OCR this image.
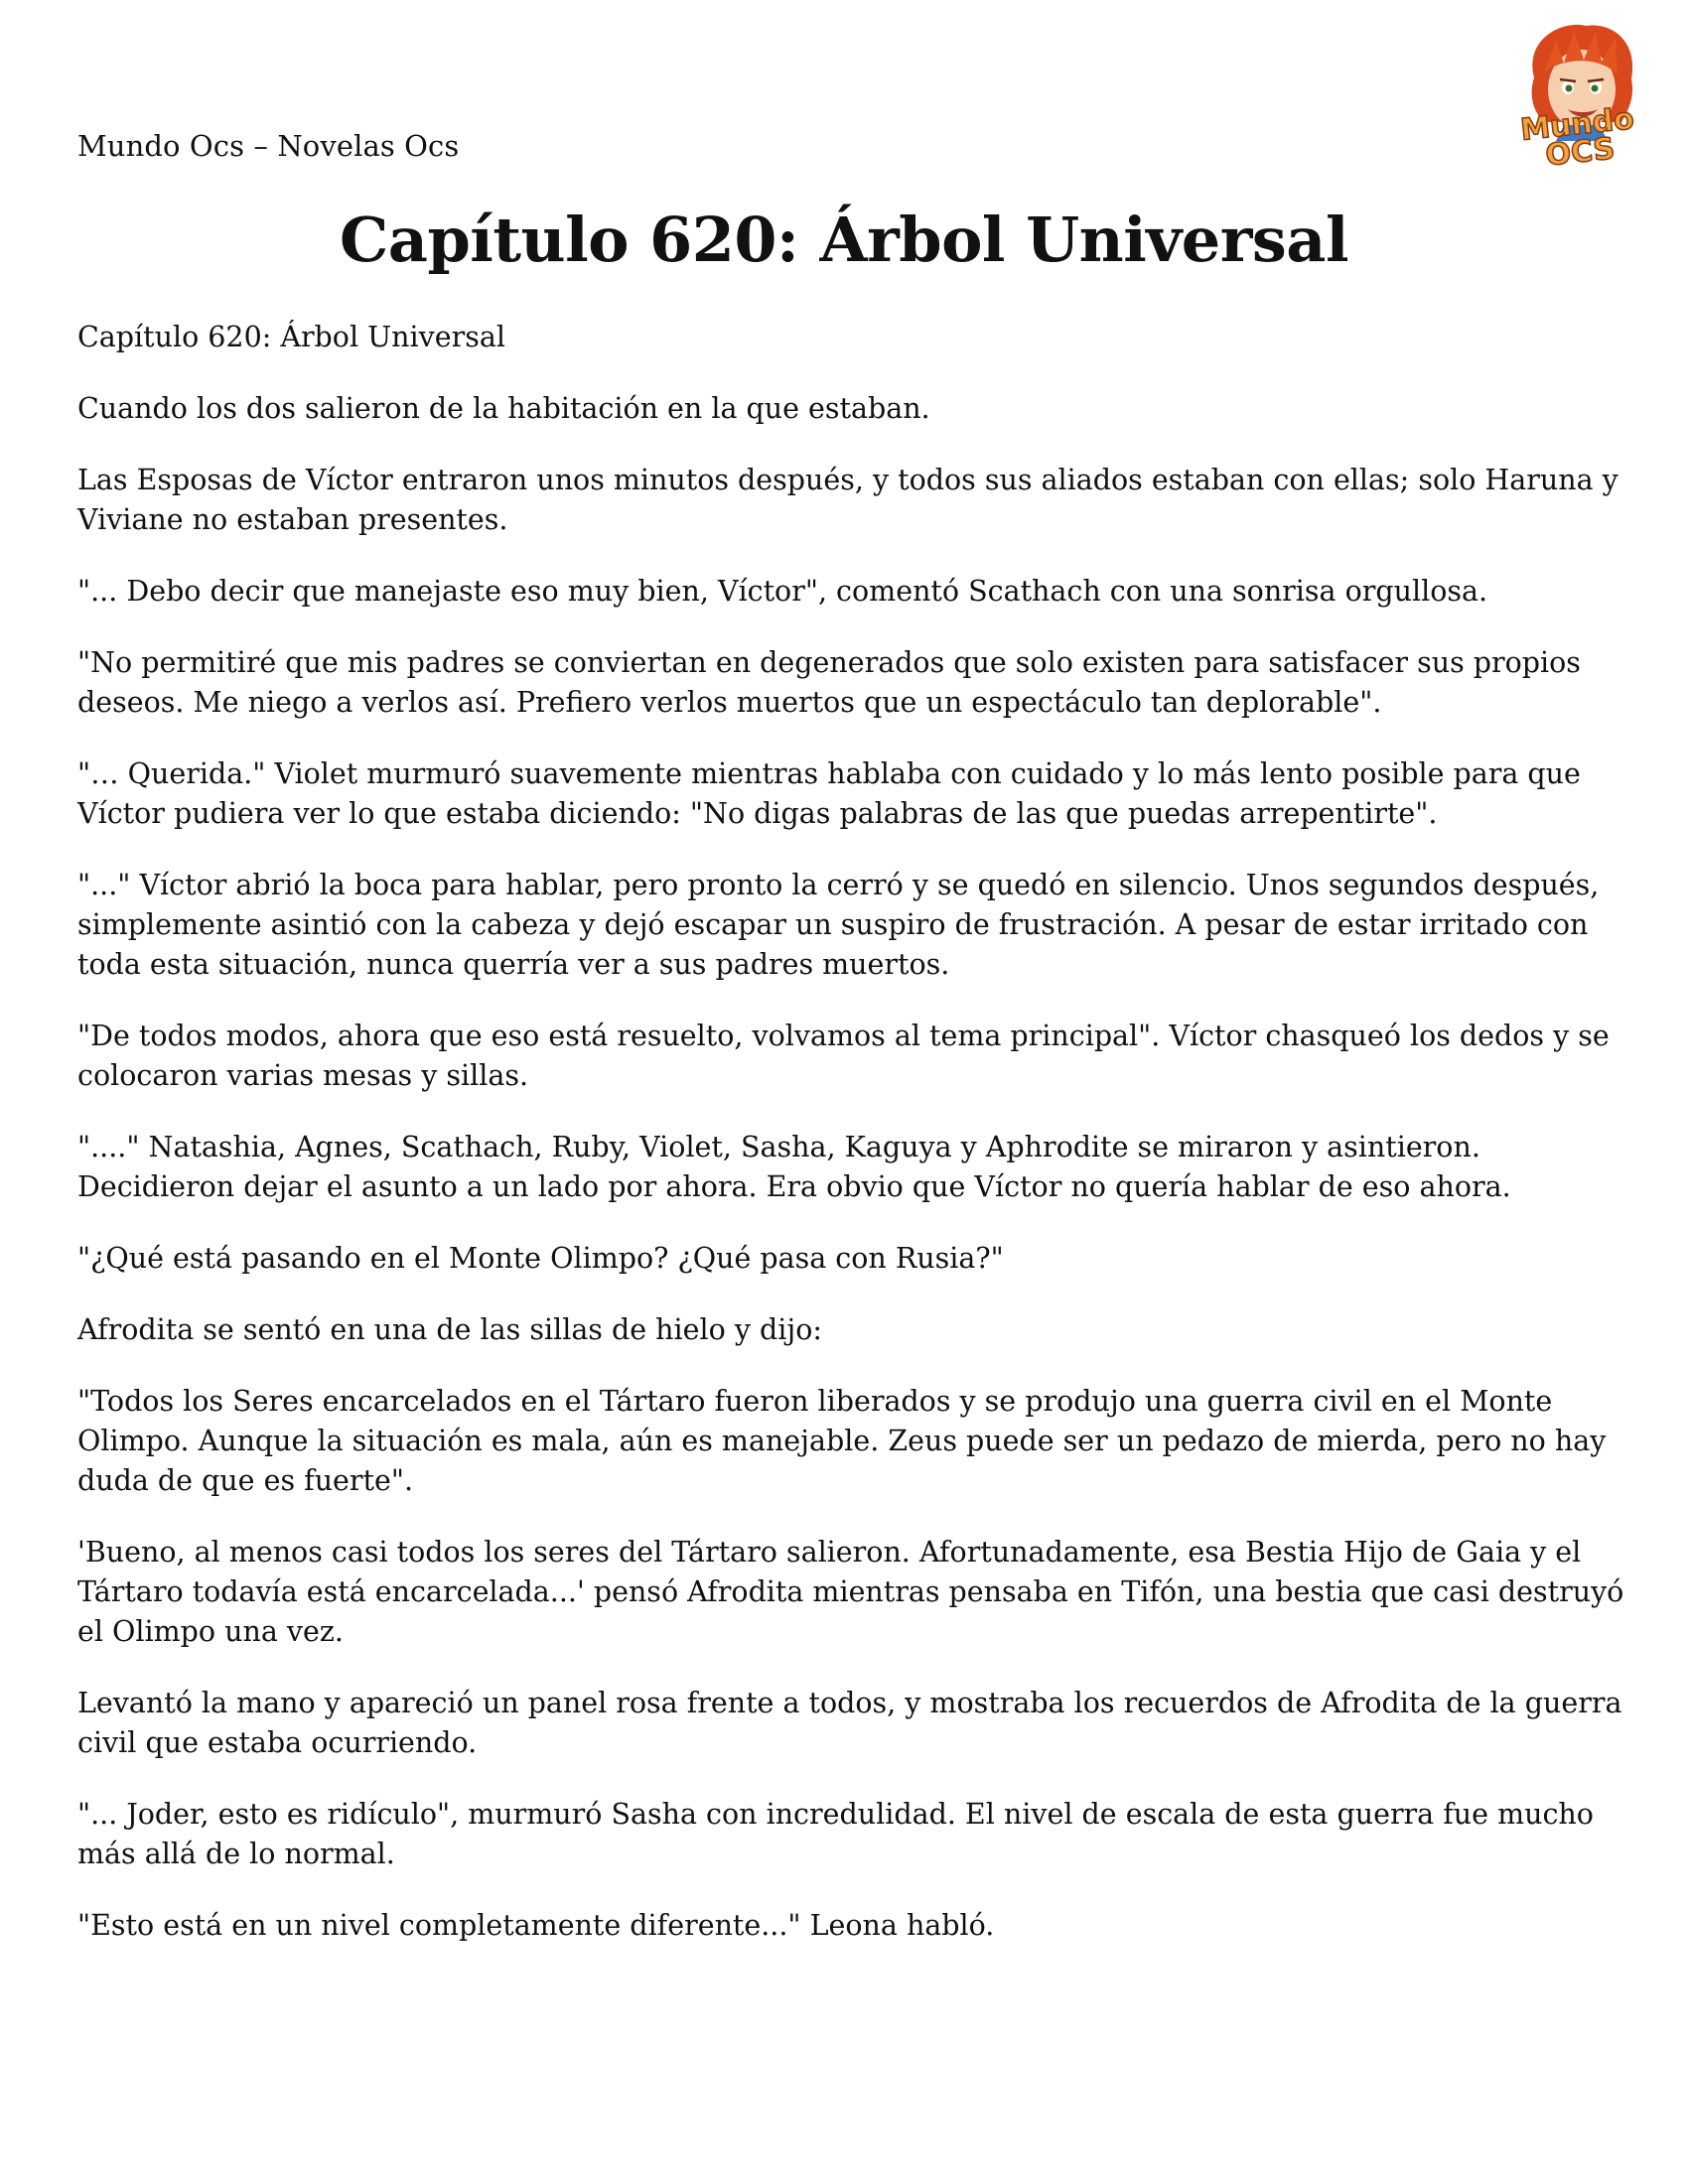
Mundo Ocs – Novelas Ocs	Mundo OCS
Capítulo 620: Árbol Universal

Capítulo 620: Árbol Universal

Cuando los dos salieron de la habitación en la que estaban.

Las Esposas de Víctor entraron unos minutos después, y todos sus aliados estaban con ellas; solo Haruna y Viviane no estaban presentes.

"... Debo decir que manejaste eso muy bien, Víctor", comentó Scathach con una sonrisa orgullosa.

"No permitiré que mis padres se conviertan en degenerados que solo existen para satisfacer sus propios deseos. Me niego a verlos así. Prefiero verlos muertos que un espectáculo tan deplorable".

"… Querida." Violet murmuró suavemente mientras hablaba con cuidado y lo más lento posible para que Víctor pudiera ver lo que estaba diciendo: "No digas palabras de las que puedas arrepentirte".

"..." Víctor abrió la boca para hablar, pero pronto la cerró y se quedó en silencio. Unos segundos después, simplemente asintió con la cabeza y dejó escapar un suspiro de frustración. A pesar de estar irritado con toda esta situación, nunca querría ver a sus padres muertos.

"De todos modos, ahora que eso está resuelto, volvamos al tema principal". Víctor chasqueó los dedos y se colocaron varias mesas y sillas.

"...." Natashia, Agnes, Scathach, Ruby, Violet, Sasha, Kaguya y Aphrodite se miraron y asintieron. Decidieron dejar el asunto a un lado por ahora. Era obvio que Víctor no quería hablar de eso ahora.

"¿Qué está pasando en el Monte Olimpo? ¿Qué pasa con Rusia?"

Afrodita se sentó en una de las sillas de hielo y dijo:

"Todos los Seres encarcelados en el Tártaro fueron liberados y se produjo una guerra civil en el Monte Olimpo. Aunque la situación es mala, aún es manejable. Zeus puede ser un pedazo de mierda, pero no hay duda de que es fuerte".

'Bueno, al menos casi todos los seres del Tártaro salieron. Afortunadamente, esa Bestia Hijo de Gaia y el Tártaro todavía está encarcelada...' pensó Afrodita mientras pensaba en Tifón, una bestia que casi destruyó el Olimpo una vez.

Levantó la mano y apareció un panel rosa frente a todos, y mostraba los recuerdos de Afrodita de la guerra civil que estaba ocurriendo.

"... Joder, esto es ridículo", murmuró Sasha con incredulidad. El nivel de escala de esta guerra fue mucho más allá de lo normal.

"Esto está en un nivel completamente diferente..." Leona habló.
